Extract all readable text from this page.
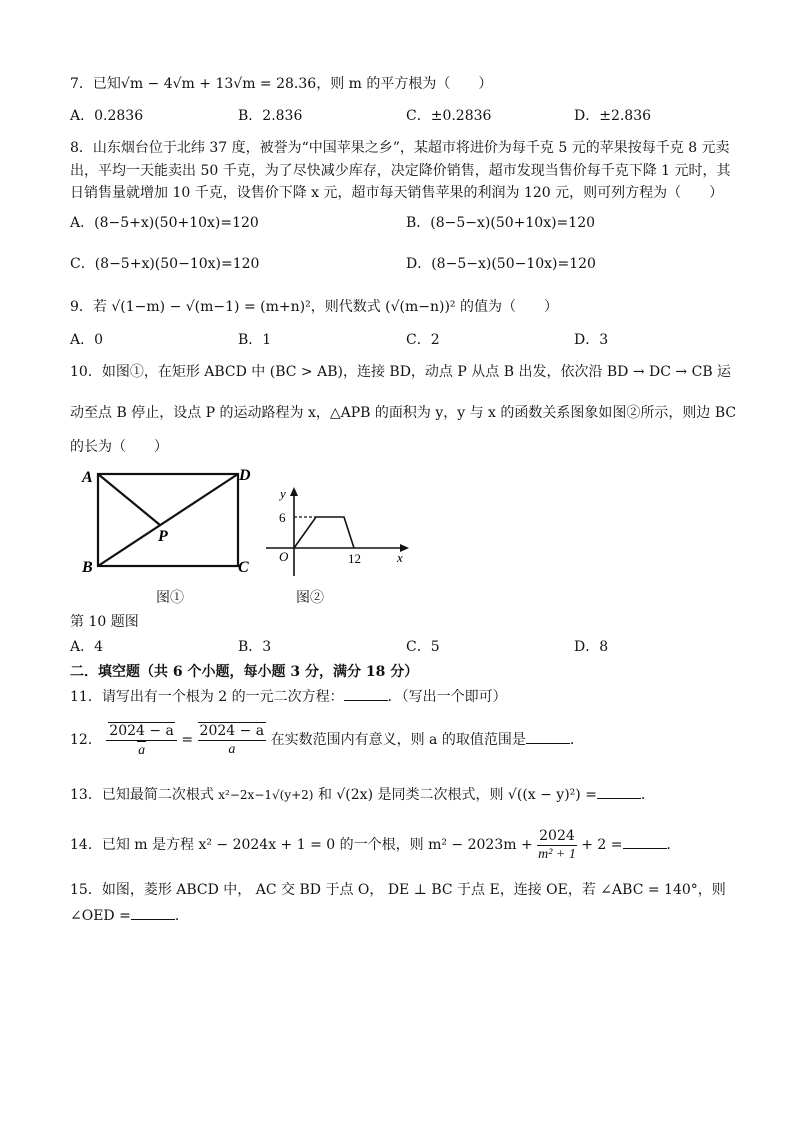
7．已知√m − 4√m + 13√m = 28.36，则 m 的平方根为（　　）
A．0.2836	B．2.836	C．±0.2836	D．±2.836
8．山东烟台位于北纬 37 度，被誉为“中国苹果之乡”，某超市将进价为每千克 5 元的苹果按每千克 8 元卖
出，平均一天能卖出 50 千克，为了尽快减少库存，决定降价销售，超市发现当售价每千克下降 1 元时，其
日销售量就增加 10 千克，设售价下降 x 元，超市每天销售苹果的利润为 120 元，则可列方程为（　　）
A．(8−5+x)(50+10x)=120	B．(8−5−x)(50+10x)=120
C．(8−5+x)(50−10x)=120	D．(8−5−x)(50−10x)=120
9．若 √(1−m) − √(m−1) = (m+n)²，则代数式 (√(m−n))² 的值为（　　）
A．0	B．1	C．2	D．3
10．如图①，在矩形 ABCD 中 (BC > AB)，连接 BD，动点 P 从点 B 出发，依次沿 BD → DC → CB 运
动至点 B 停止，设点 P 的运动路程为 x，△APB 的面积为 y，y 与 x 的函数关系图象如图②所示，则边 BC
的长为（　　）
A	D
B	C
P
y
6
O	12	x
图①	图②
第 10 题图
A．4	B．3	C．5	D．8
二．填空题（共 6 个小题，每小题 3 分，满分 18 分）
11．请写出有一个根为 2 的一元二次方程：	．（写出一个即可）
12． $\frac{2024 - a}{a} = \frac{2024 - a}{a}$ 在实数范围内有意义，则 a 的取值范围是	．
13．已知最简二次根式 x²−2x−1√(y+2) 和 √(2x) 是同类二次根式，则 √((x − y)²) =	．
14．已知 m 是方程 x² − 2024x + 1 = 0 的一个根，则 $m^2 - 2023m + \frac{2024}{\text{m² + 1}} + 2$ =	．
15．如图，菱形 ABCD 中， AC 交 BD 于点 O， DE ⊥ BC 于点 E，连接 OE，若 ∠ABC = 140°，则
∠OED =	．
